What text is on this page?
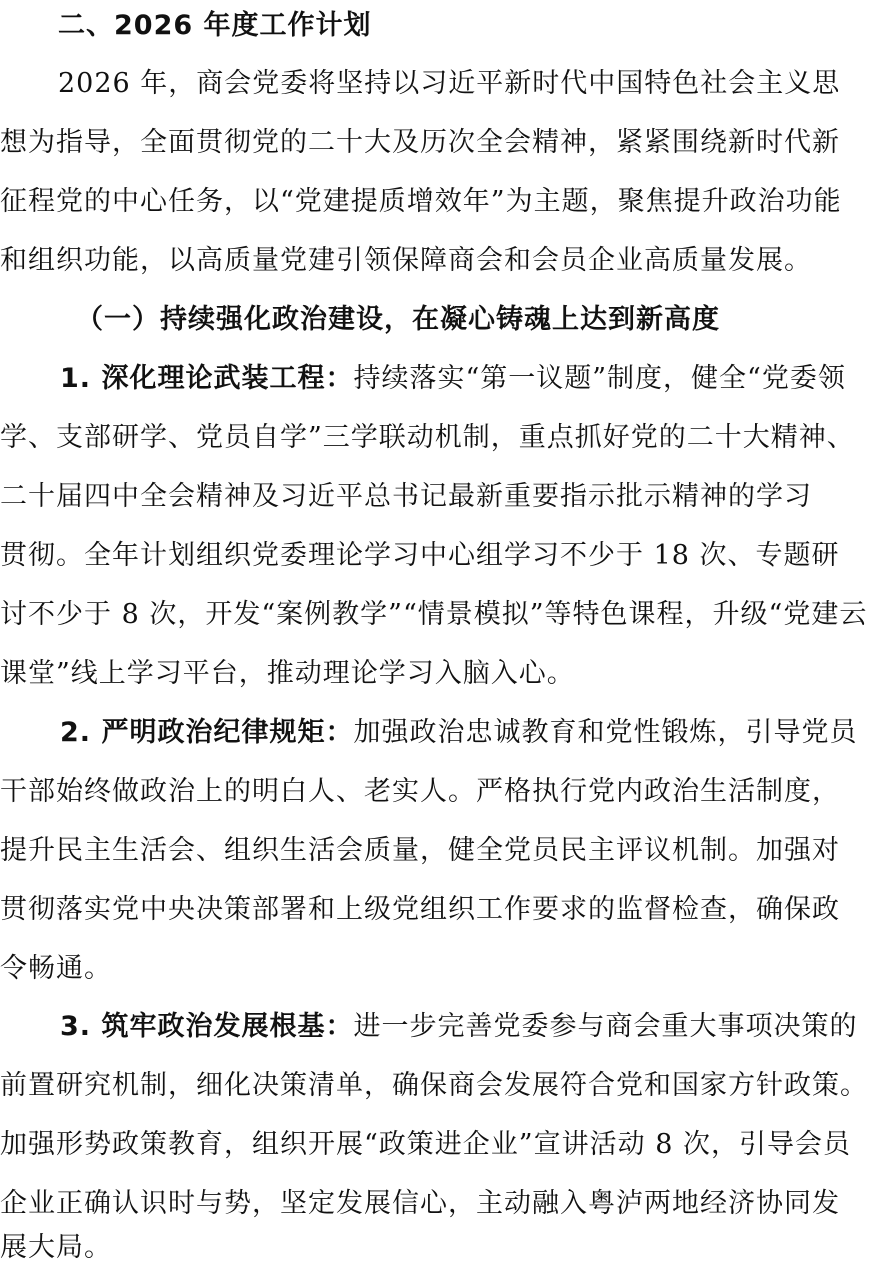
二、2026 年度工作计划
2026 年，商会党委将坚持以习近平新时代中国特色社会主义思
想为指导，全面贯彻党的二十大及历次全会精神，紧紧围绕新时代新
征程党的中心任务，以“党建提质增效年”为主题，聚焦提升政治功能
和组织功能，以高质量党建引领保障商会和会员企业高质量发展。
（一）持续强化政治建设，在凝心铸魂上达到新高度
1. 深化理论武装工程：持续落实“第一议题”制度，健全“党委领
学、支部研学、党员自学”三学联动机制，重点抓好党的二十大精神、
二十届四中全会精神及习近平总书记最新重要指示批示精神的学习
贯彻。全年计划组织党委理论学习中心组学习不少于 18 次、专题研
讨不少于 8 次，开发“案例教学”“情景模拟”等特色课程，升级“党建云
课堂”线上学习平台，推动理论学习入脑入心。
2. 严明政治纪律规矩：加强政治忠诚教育和党性锻炼，引导党员
干部始终做政治上的明白人、老实人。严格执行党内政治生活制度，
提升民主生活会、组织生活会质量，健全党员民主评议机制。加强对
贯彻落实党中央决策部署和上级党组织工作要求的监督检查，确保政
令畅通。
3. 筑牢政治发展根基：进一步完善党委参与商会重大事项决策的
前置研究机制，细化决策清单，确保商会发展符合党和国家方针政策。
加强形势政策教育，组织开展“政策进企业”宣讲活动 8 次，引导会员
企业正确认识时与势，坚定发展信心，主动融入粤泸两地经济协同发
展大局。
